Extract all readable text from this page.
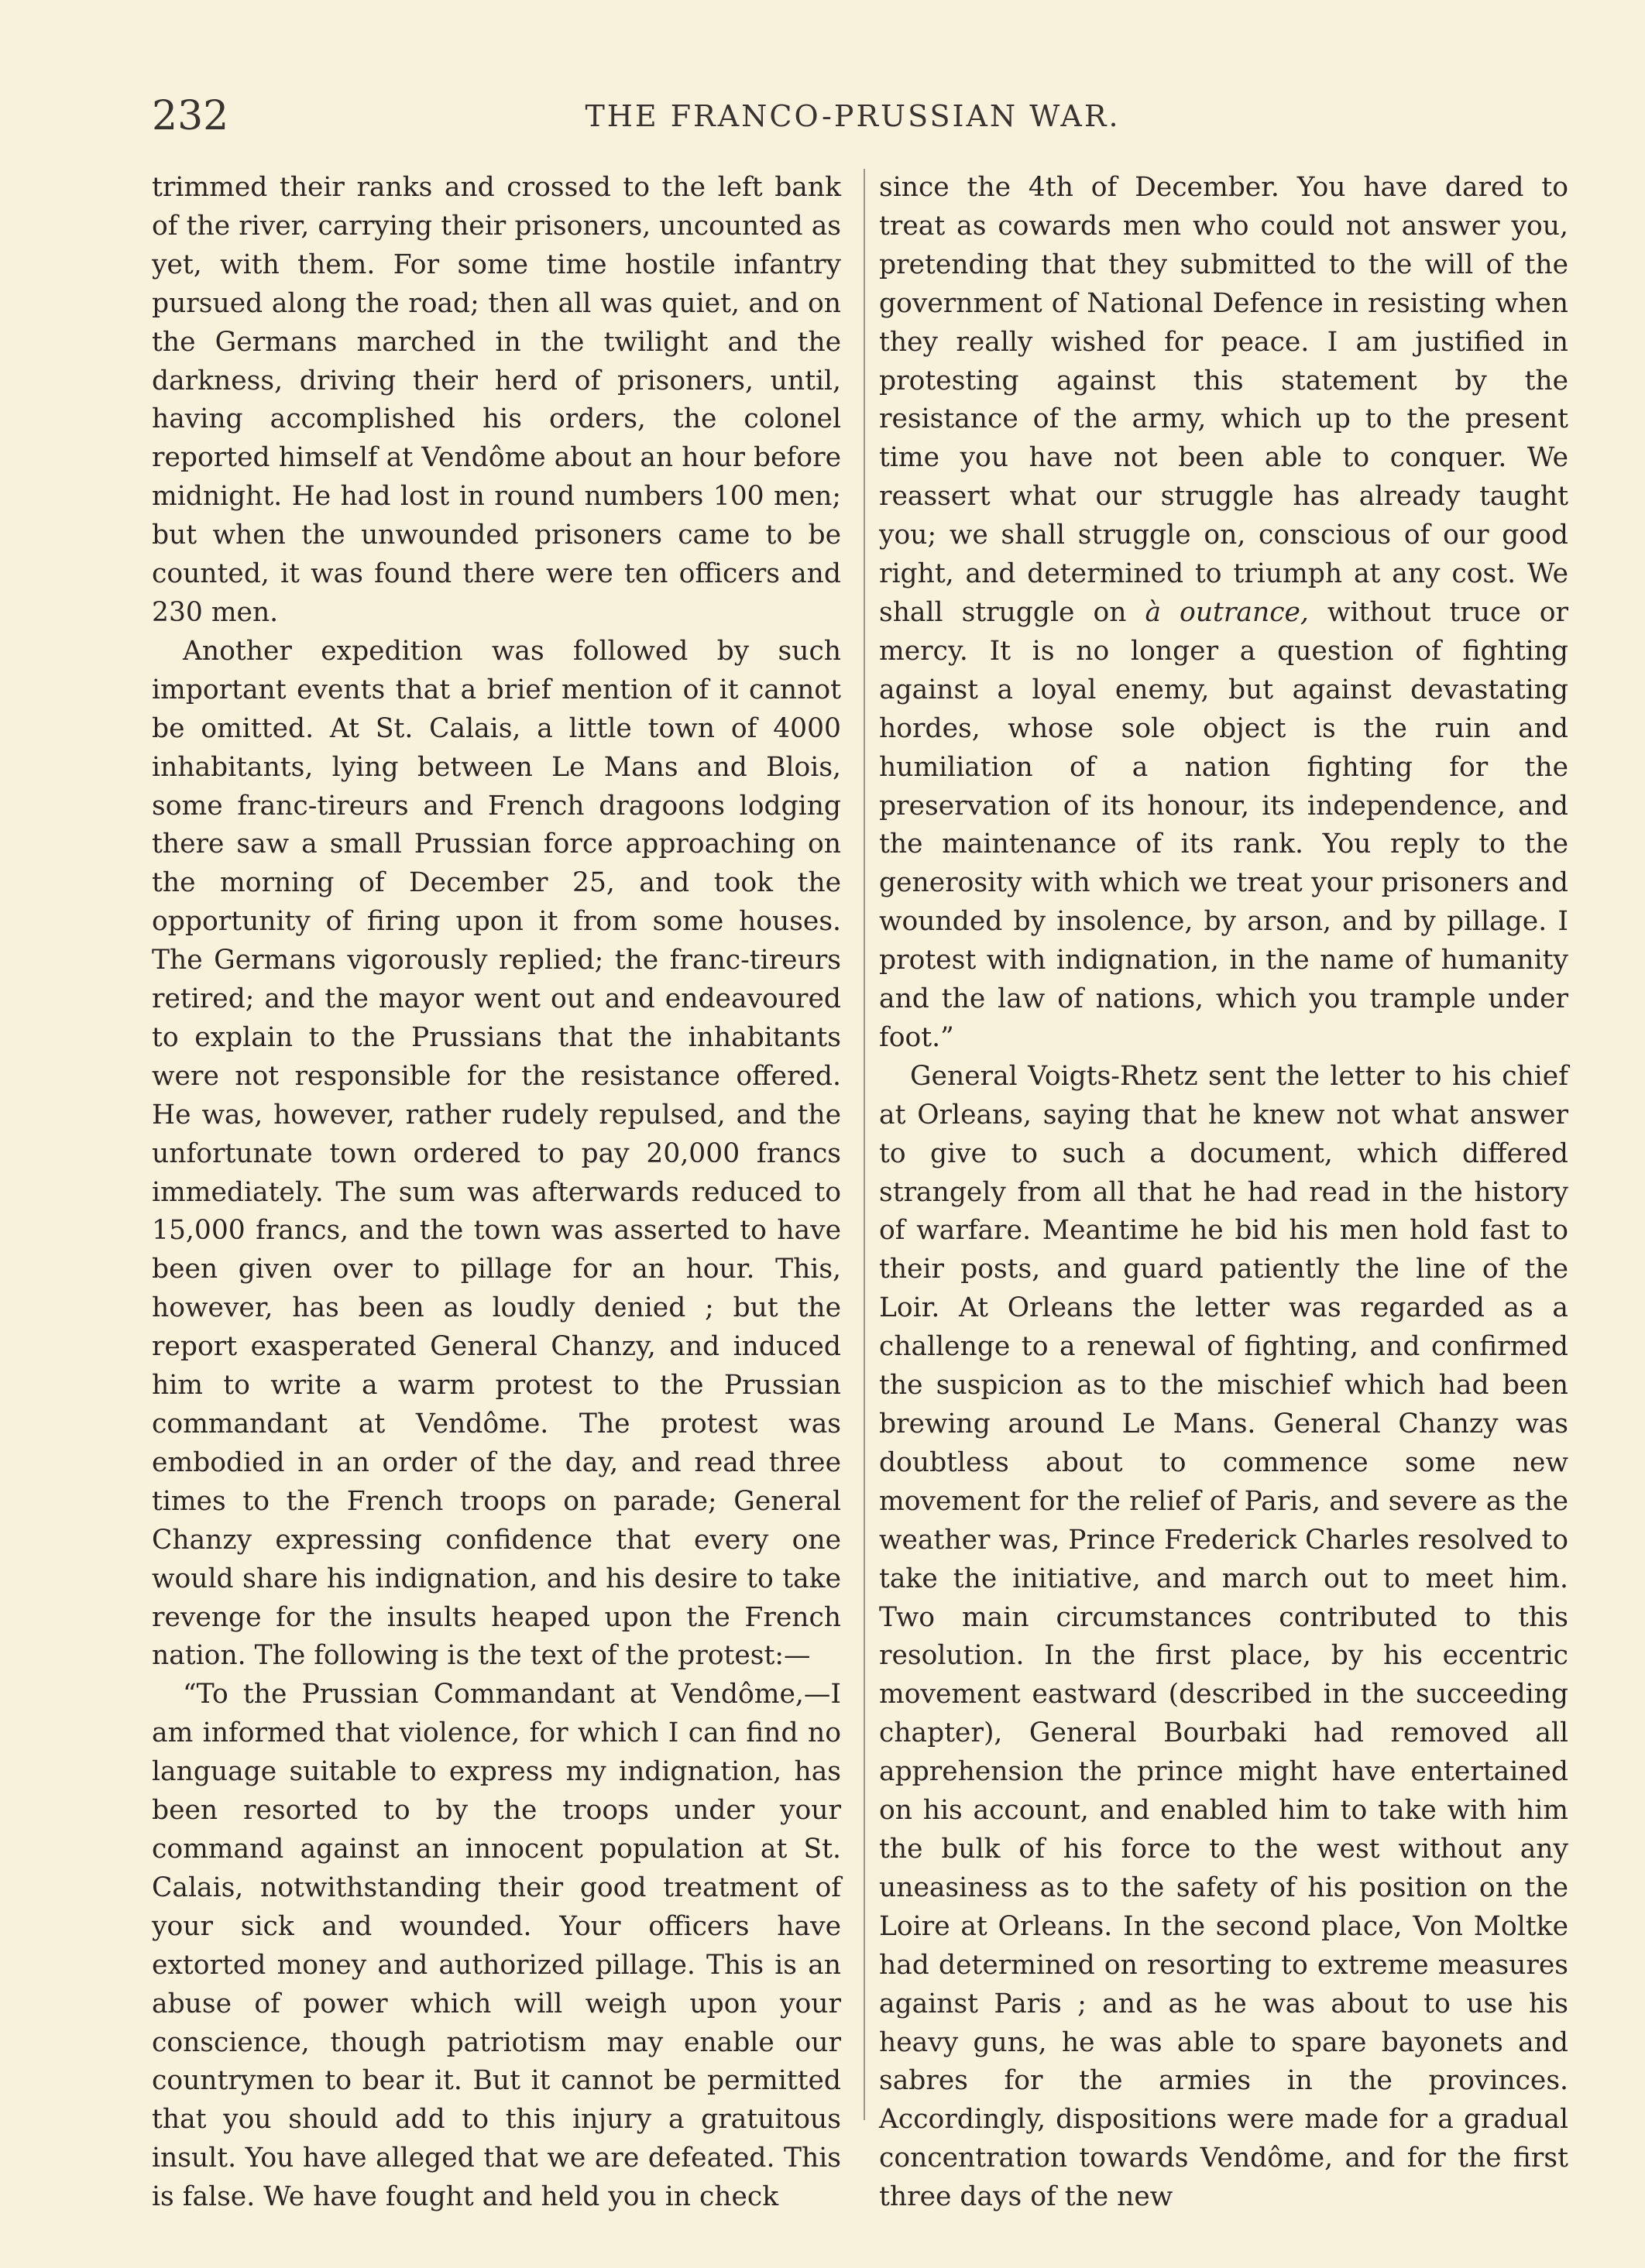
232	THE FRANCO-PRUSSIAN WAR.

trimmed their ranks and crossed to the left bank of the river, carrying their prisoners, uncounted as yet, with them. For some time hostile infantry pursued along the road; then all was quiet, and on the Germans marched in the twilight and the darkness, driving their herd of prisoners, until, having accomplished his orders, the colonel reported himself at Vendôme about an hour before midnight. He had lost in round numbers 100 men; but when the unwounded prisoners came to be counted, it was found there were ten officers and 230 men.

Another expedition was followed by such important events that a brief mention of it cannot be omitted. At St. Calais, a little town of 4000 inhabitants, lying between Le Mans and Blois, some franc-tireurs and French dragoons lodging there saw a small Prussian force approaching on the morning of December 25, and took the opportunity of firing upon it from some houses. The Germans vigorously replied; the franc-tireurs retired; and the mayor went out and endeavoured to explain to the Prussians that the inhabitants were not responsible for the resistance offered. He was, however, rather rudely repulsed, and the unfortunate town ordered to pay 20,000 francs immediately. The sum was afterwards reduced to 15,000 francs, and the town was asserted to have been given over to pillage for an hour. This, however, has been as loudly denied ; but the report exasperated General Chanzy, and induced him to write a warm protest to the Prussian commandant at Vendôme. The protest was embodied in an order of the day, and read three times to the French troops on parade; General Chanzy expressing confidence that every one would share his indignation, and his desire to take revenge for the insults heaped upon the French nation. The following is the text of the protest:—

“To the Prussian Commandant at Vendôme,—I am informed that violence, for which I can find no language suitable to express my indignation, has been resorted to by the troops under your command against an innocent population at St. Calais, notwithstanding their good treatment of your sick and wounded. Your officers have extorted money and authorized pillage. This is an abuse of power which will weigh upon your conscience, though patriotism may enable our countrymen to bear it. But it cannot be permitted that you should add to this injury a gratuitous insult. You have alleged that we are defeated. This is false. We have fought and held you in check

since the 4th of December. You have dared to treat as cowards men who could not answer you, pretending that they submitted to the will of the government of National Defence in resisting when they really wished for peace. I am justified in protesting against this statement by the resistance of the army, which up to the present time you have not been able to conquer. We reassert what our struggle has already taught you; we shall struggle on, conscious of our good right, and determined to triumph at any cost. We shall struggle on à outrance, without truce or mercy. It is no longer a question of fighting against a loyal enemy, but against devastating hordes, whose sole object is the ruin and humiliation of a nation fighting for the preservation of its honour, its independence, and the maintenance of its rank. You reply to the generosity with which we treat your prisoners and wounded by insolence, by arson, and by pillage. I protest with indignation, in the name of humanity and the law of nations, which you trample under foot.”

General Voigts-Rhetz sent the letter to his chief at Orleans, saying that he knew not what answer to give to such a document, which differed strangely from all that he had read in the history of warfare. Meantime he bid his men hold fast to their posts, and guard patiently the line of the Loir. At Orleans the letter was regarded as a challenge to a renewal of fighting, and confirmed the suspicion as to the mischief which had been brewing around Le Mans. General Chanzy was doubtless about to commence some new movement for the relief of Paris, and severe as the weather was, Prince Frederick Charles resolved to take the initiative, and march out to meet him. Two main circumstances contributed to this resolution. In the first place, by his eccentric movement eastward (described in the succeeding chapter), General Bourbaki had removed all apprehension the prince might have entertained on his account, and enabled him to take with him the bulk of his force to the west without any uneasiness as to the safety of his position on the Loire at Orleans. In the second place, Von Moltke had determined on resorting to extreme measures against Paris ; and as he was about to use his heavy guns, he was able to spare bayonets and sabres for the armies in the provinces. Accordingly, dispositions were made for a gradual concentration towards Vendôme, and for the first three days of the new
